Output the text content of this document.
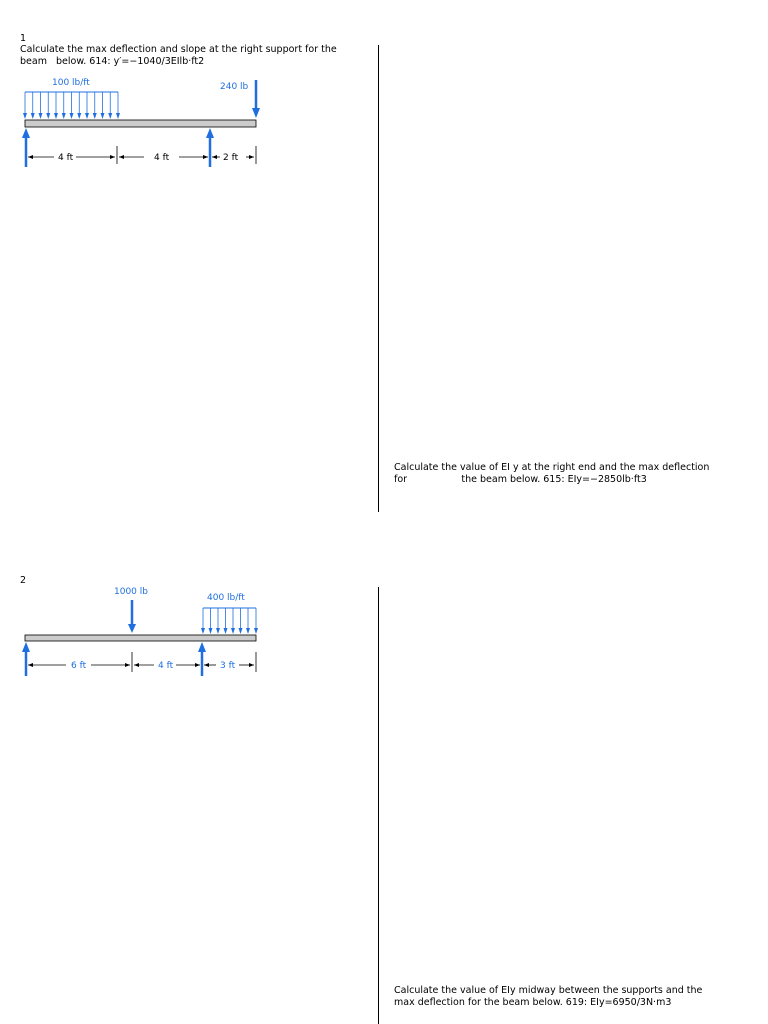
1
Calculate the max deflection and slope at the right support for the
beam   below. 614: y′=−1040/3EIlb·ft2
100 lb/ft	240 lb
4 ft	4 ft	2 ft
Calculate the value of EI y at the right end and the max deflection
for                  the beam below. 615: EIy=−2850lb·ft3
2
1000 lb
400 lb/ft
6 ft	4 ft	3 ft
Calculate the value of EIy midway between the supports and the
max deflection for the beam below. 619: EIy=6950/3N·m3
